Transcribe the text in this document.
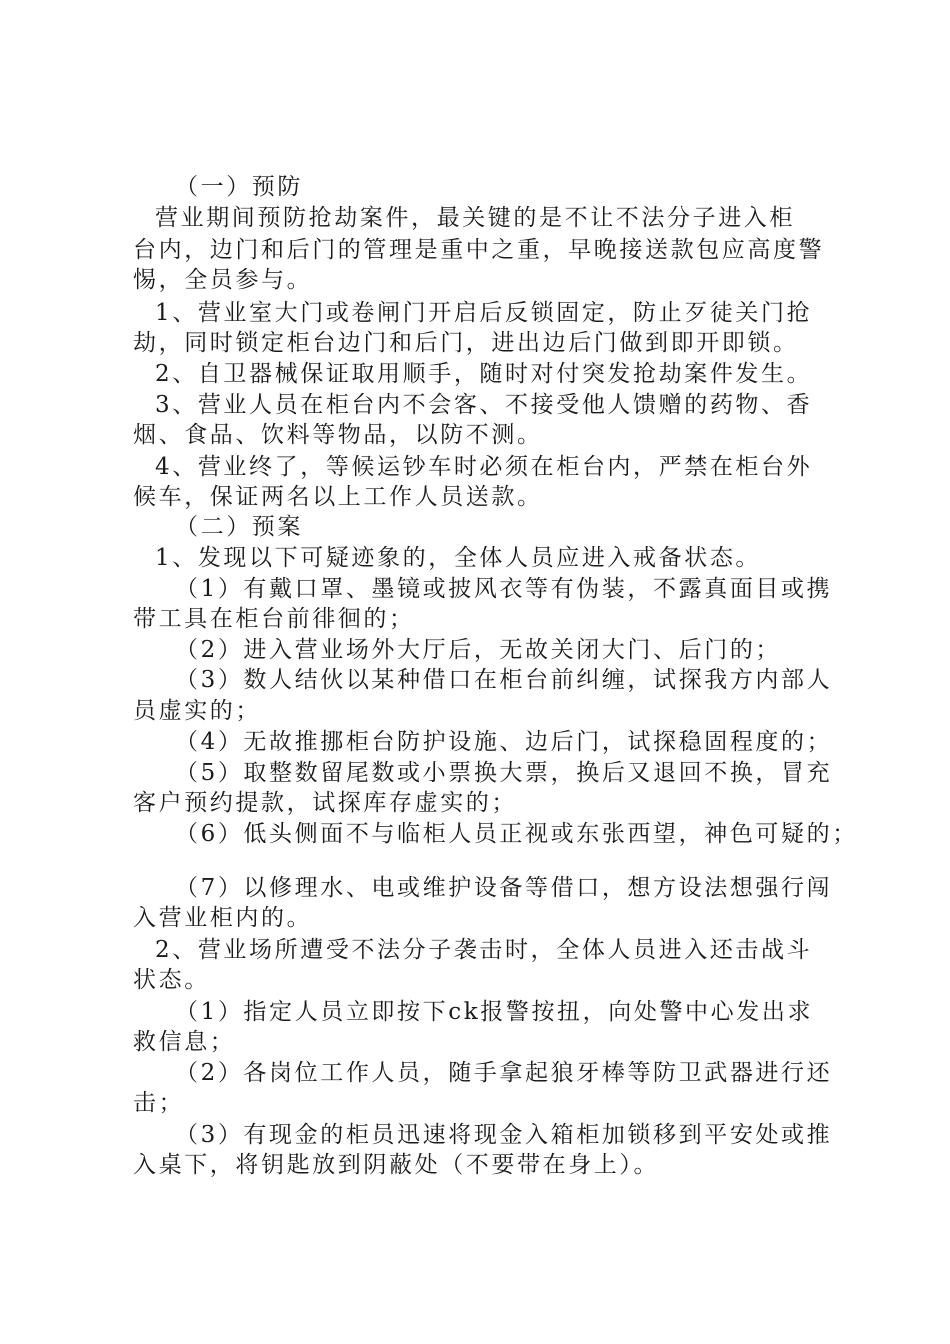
（一）预防
营业期间预防抢劫案件，最关键的是不让不法分子进入柜
台内，边门和后门的管理是重中之重，早晚接送款包应高度警
惕，全员参与。
1、营业室大门或卷闸门开启后反锁固定，防止歹徒关门抢
劫，同时锁定柜台边门和后门，进出边后门做到即开即锁。
2、自卫器械保证取用顺手，随时对付突发抢劫案件发生。
3、营业人员在柜台内不会客、不接受他人馈赠的药物、香
烟、食品、饮料等物品，以防不测。
4、营业终了，等候运钞车时必须在柜台内，严禁在柜台外
候车，保证两名以上工作人员送款。
（二）预案
1、发现以下可疑迹象的，全体人员应进入戒备状态。
（1）有戴口罩、墨镜或披风衣等有伪装，不露真面目或携
带工具在柜台前徘徊的；
（2）进入营业场外大厅后，无故关闭大门、后门的；
（3）数人结伙以某种借口在柜台前纠缠，试探我方内部人
员虚实的；
（4）无故推挪柜台防护设施、边后门，试探稳固程度的；
（5）取整数留尾数或小票换大票，换后又退回不换，冒充
客户预约提款，试探库存虚实的；
（6）低头侧面不与临柜人员正视或东张西望，神色可疑的；
（7）以修理水、电或维护设备等借口，想方设法想强行闯
入营业柜内的。
2、营业场所遭受不法分子袭击时，全体人员进入还击战斗
状态。
（1）指定人员立即按下ck报警按扭，向处警中心发出求
救信息；
（2）各岗位工作人员，随手拿起狼牙棒等防卫武器进行还
击；
（3）有现金的柜员迅速将现金入箱柜加锁移到平安处或推
入桌下，将钥匙放到阴蔽处（不要带在身上）。
